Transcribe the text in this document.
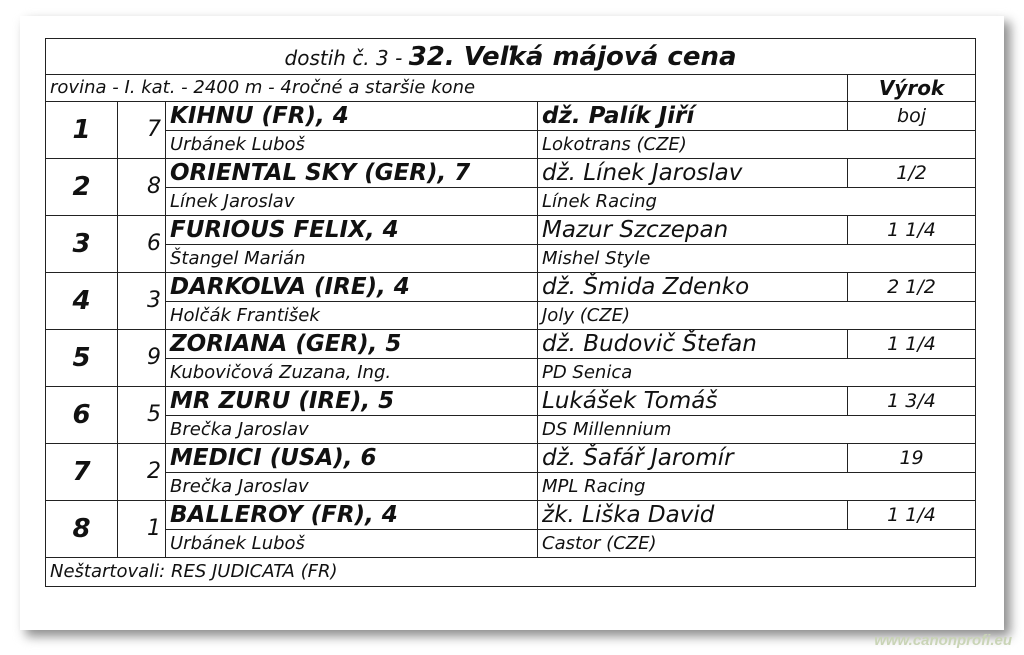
dostih č. 3 - 32. Veľká májová cena				
rovina - I. kat. - 2400 m - 4ročné a staršie kone				Výrok
1	7	KIHNU (FR), 4	dž. Palík Jiří	boj
		Urbánek Luboš	Lokotrans (CZE)	
2	8	ORIENTAL SKY (GER), 7	dž. Línek Jaroslav	1/2
		Línek Jaroslav	Línek Racing	
3	6	FURIOUS FELIX, 4	Mazur Szczepan	1 1/4
		Štangel Marián	Mishel Style	
4	3	DARKOLVA (IRE), 4	dž. Šmida Zdenko	2 1/2
		Holčák František	Joly (CZE)	
5	9	ZORIANA (GER), 5	dž. Budovič Štefan	1 1/4
		Kubovičová Zuzana, Ing.	PD Senica	
6	5	MR ZURU (IRE), 5	Lukášek Tomáš	1 3/4
		Brečka Jaroslav	DS Millennium	
7	2	MEDICI (USA), 6	dž. Šafář Jaromír	19
		Brečka Jaroslav	MPL Racing	
8	1	BALLEROY (FR), 4	žk. Liška David	1 1/4
		Urbánek Luboš	Castor (CZE)	
Neštartovali: RES JUDICATA (FR)				
www.canonprofi.eu
